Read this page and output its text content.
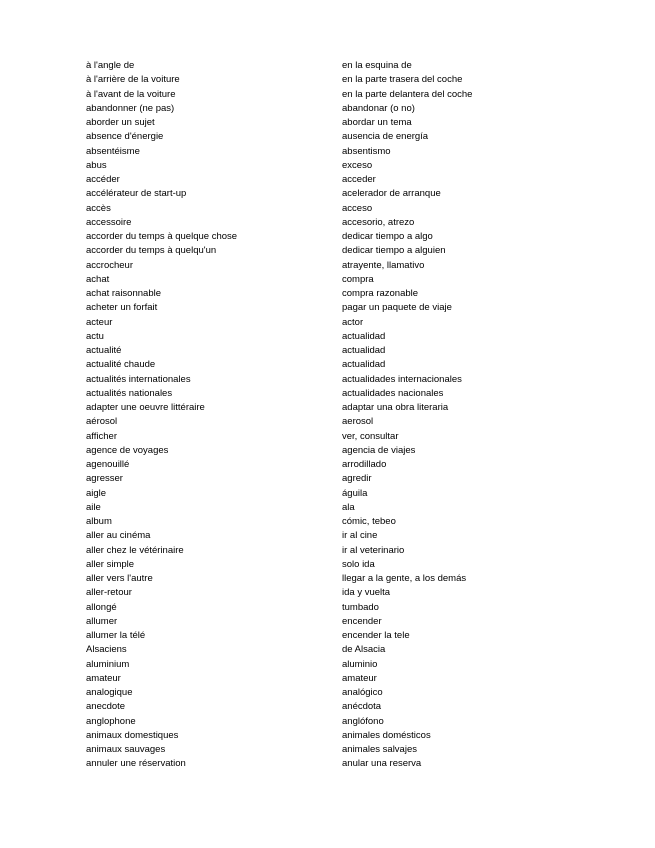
à l'angle de	en la esquina de
à l'arrière de la voiture	en la parte trasera del coche
à l'avant de la voiture	en la parte delantera del coche
abandonner (ne pas)	abandonar (o no)
aborder un sujet	abordar un tema
absence d'énergie	ausencia de energía
absentéisme	absentismo
abus	exceso
accéder	acceder
accélérateur de start-up	acelerador de arranque
accès	acceso
accessoire	accesorio, atrezo
accorder du temps à quelque chose	dedicar tiempo a algo
accorder du temps à quelqu'un	dedicar tiempo a alguien
accrocheur	atrayente, llamativo
achat	compra
achat raisonnable	compra razonable
acheter un forfait	pagar un paquete de viaje
acteur	actor
actu	actualidad
actualité	actualidad
actualité chaude	actualidad
actualités internationales	actualidades internacionales
actualités nationales	actualidades nacionales
adapter une oeuvre littéraire	adaptar una obra literaria
aérosol	aerosol
afficher	ver, consultar
agence de voyages	agencia de viajes
agenouillé	arrodillado
agresser	agredir
aigle	águila
aile	ala
album	cómic, tebeo
aller au cinéma	ir al cine
aller chez le vétérinaire	ir al veterinario
aller simple	solo ida
aller vers l'autre	llegar a la gente, a los demás
aller-retour	ida y vuelta
allongé	tumbado
allumer	encender
allumer la télé	encender la tele
Alsaciens	de Alsacia
aluminium	aluminio
amateur	amateur
analogique	analógico
anecdote	anécdota
anglophone	anglófono
animaux domestiques	animales domésticos
animaux sauvages	animales salvajes
annuler une réservation	anular una reserva
